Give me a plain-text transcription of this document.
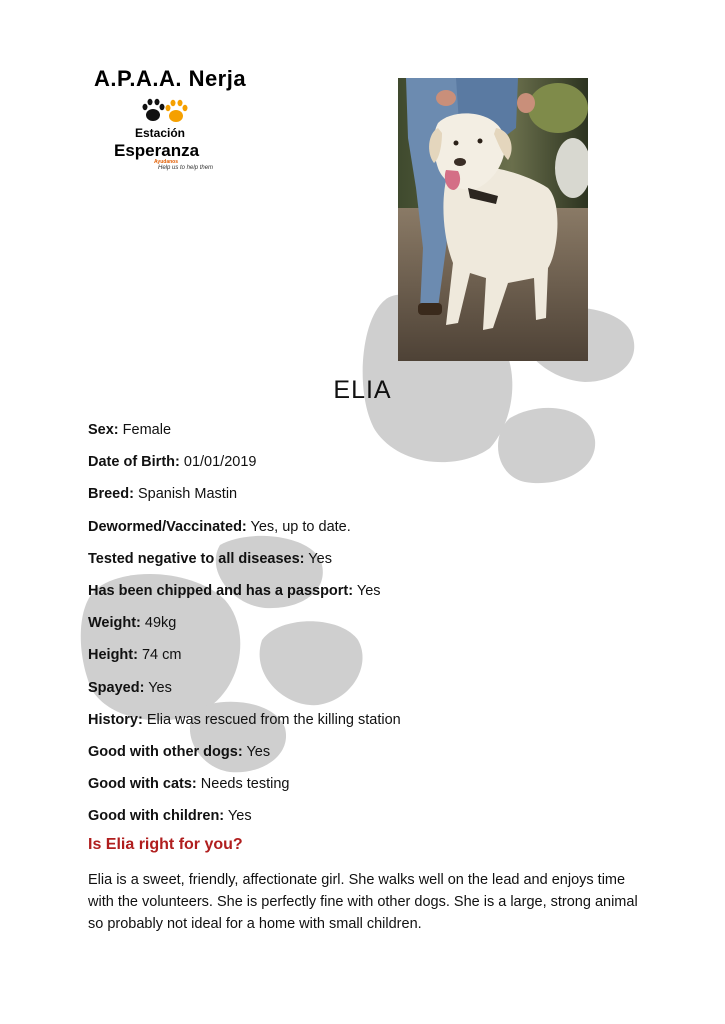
A.P.A.A. Nerja
Estación
Esperanza
Ayudanos
Help us to help them
ELIA
Sex: Female
Date of Birth: 01/01/2019
Breed: Spanish Mastin
Dewormed/Vaccinated: Yes, up to date.
Tested negative to all diseases: Yes
Has been chipped and has a passport: Yes
Weight: 49kg
Height: 74 cm
Spayed: Yes
History: Elia was rescued from the killing station
Good with other dogs: Yes
Good with cats: Needs testing
Good with children: Yes
Is Elia right for you?
Elia is a sweet, friendly, affectionate girl. She walks well on the lead and enjoys time with the volunteers. She is perfectly fine with other dogs. She is a large, strong animal so probably not ideal for a home with small children.
